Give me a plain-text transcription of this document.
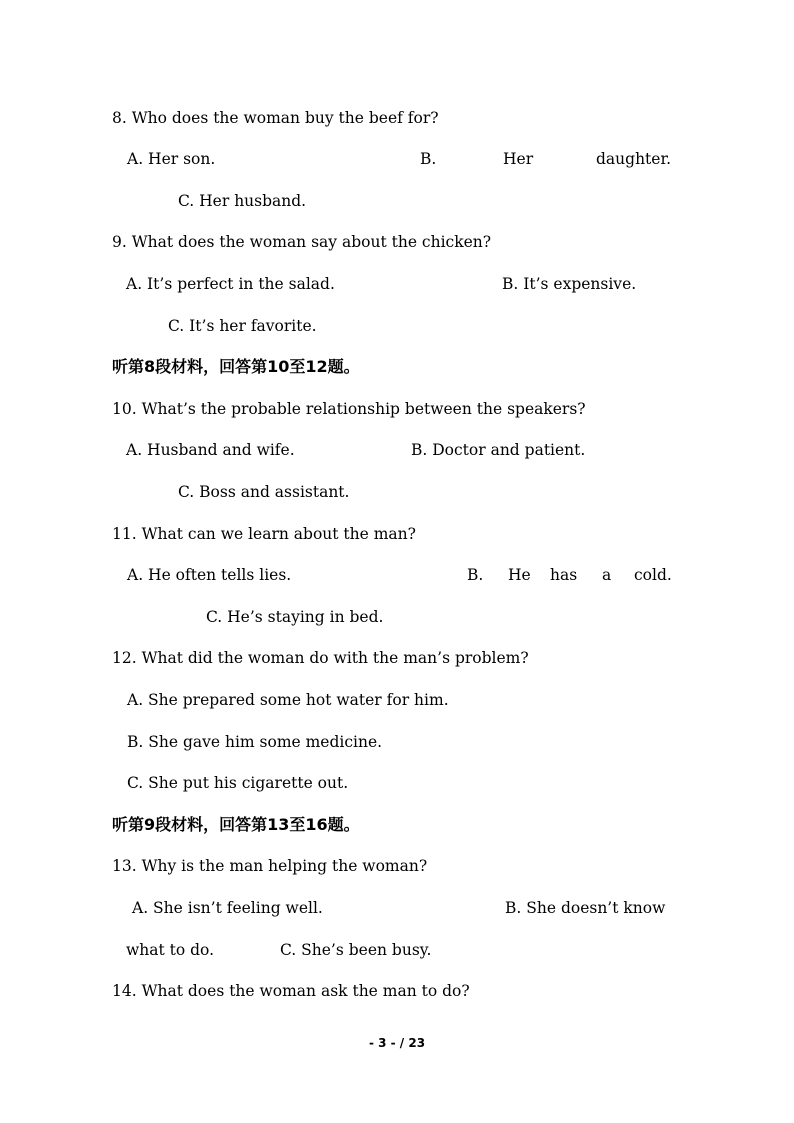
8. Who does the woman buy the beef for?

A. Her son.

	B.

	Her

	daughter.

C. Her husband.

9. What does the woman say about the chicken?

A. It’s perfect in the salad.

	B. It’s expensive.

C. It’s her favorite.

听第8段材料，回答第10至12题。

10. What’s the probable relationship between the speakers?

A. Husband and wife.

	B. Doctor and patient.

C. Boss and assistant.

11. What can we learn about the man?

A. He often tells lies.

	B.

He

has

a

cold.

C. He’s staying in bed.

12. What did the woman do with the man’s problem?

A. She prepared some hot water for him.

B. She gave him some medicine.

C. She put his cigarette out.

听第9段材料，回答第13至16题。

13. Why is the man helping the woman?

A. She isn’t feeling well.

	B. She doesn’t know

what to do.

	C. She’s been busy.

14. What does the woman ask the man to do?

- 3 - / 23
